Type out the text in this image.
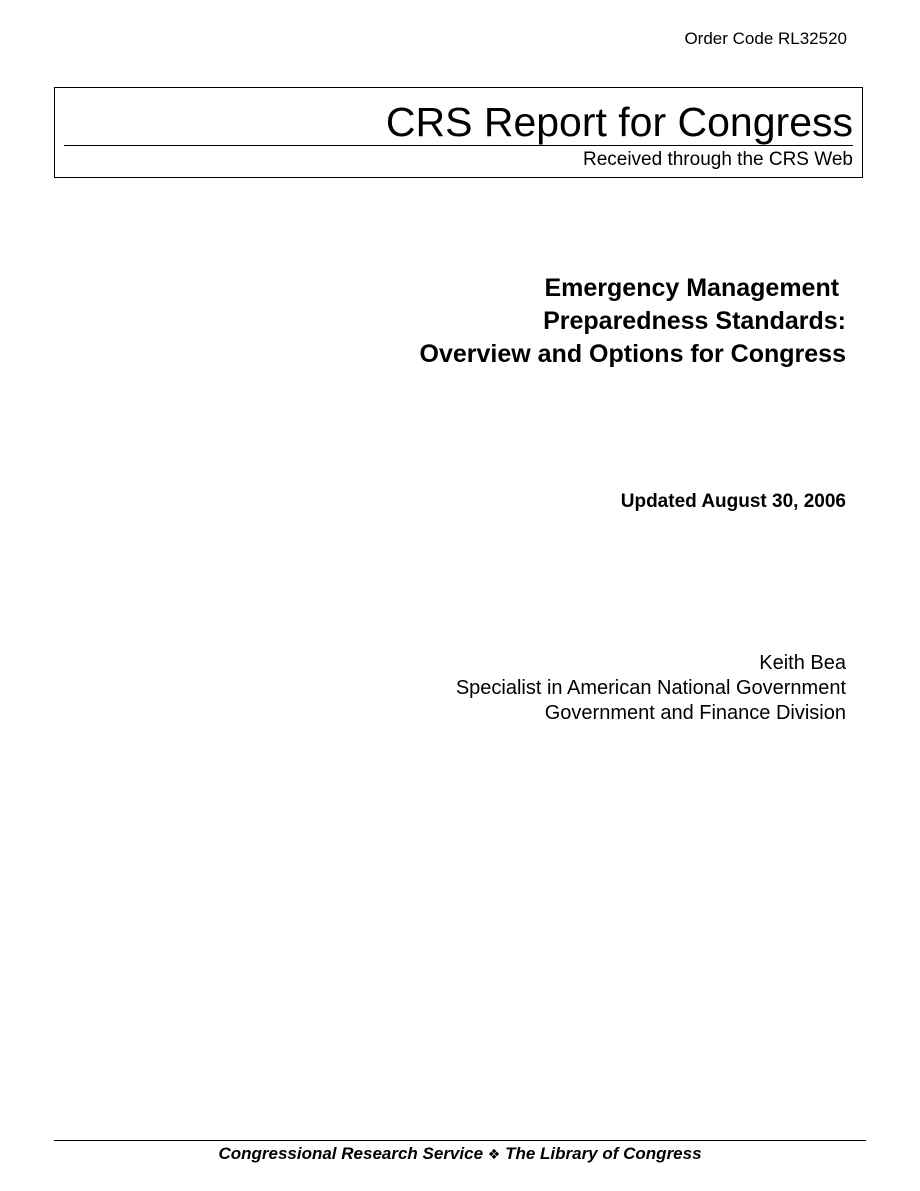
Order Code RL32520
CRS Report for Congress
Received through the CRS Web
Emergency Management
Preparedness Standards:
Overview and Options for Congress
Updated August 30, 2006
Keith Bea
Specialist in American National Government
Government and Finance Division
Congressional Research Service ❖ The Library of Congress
